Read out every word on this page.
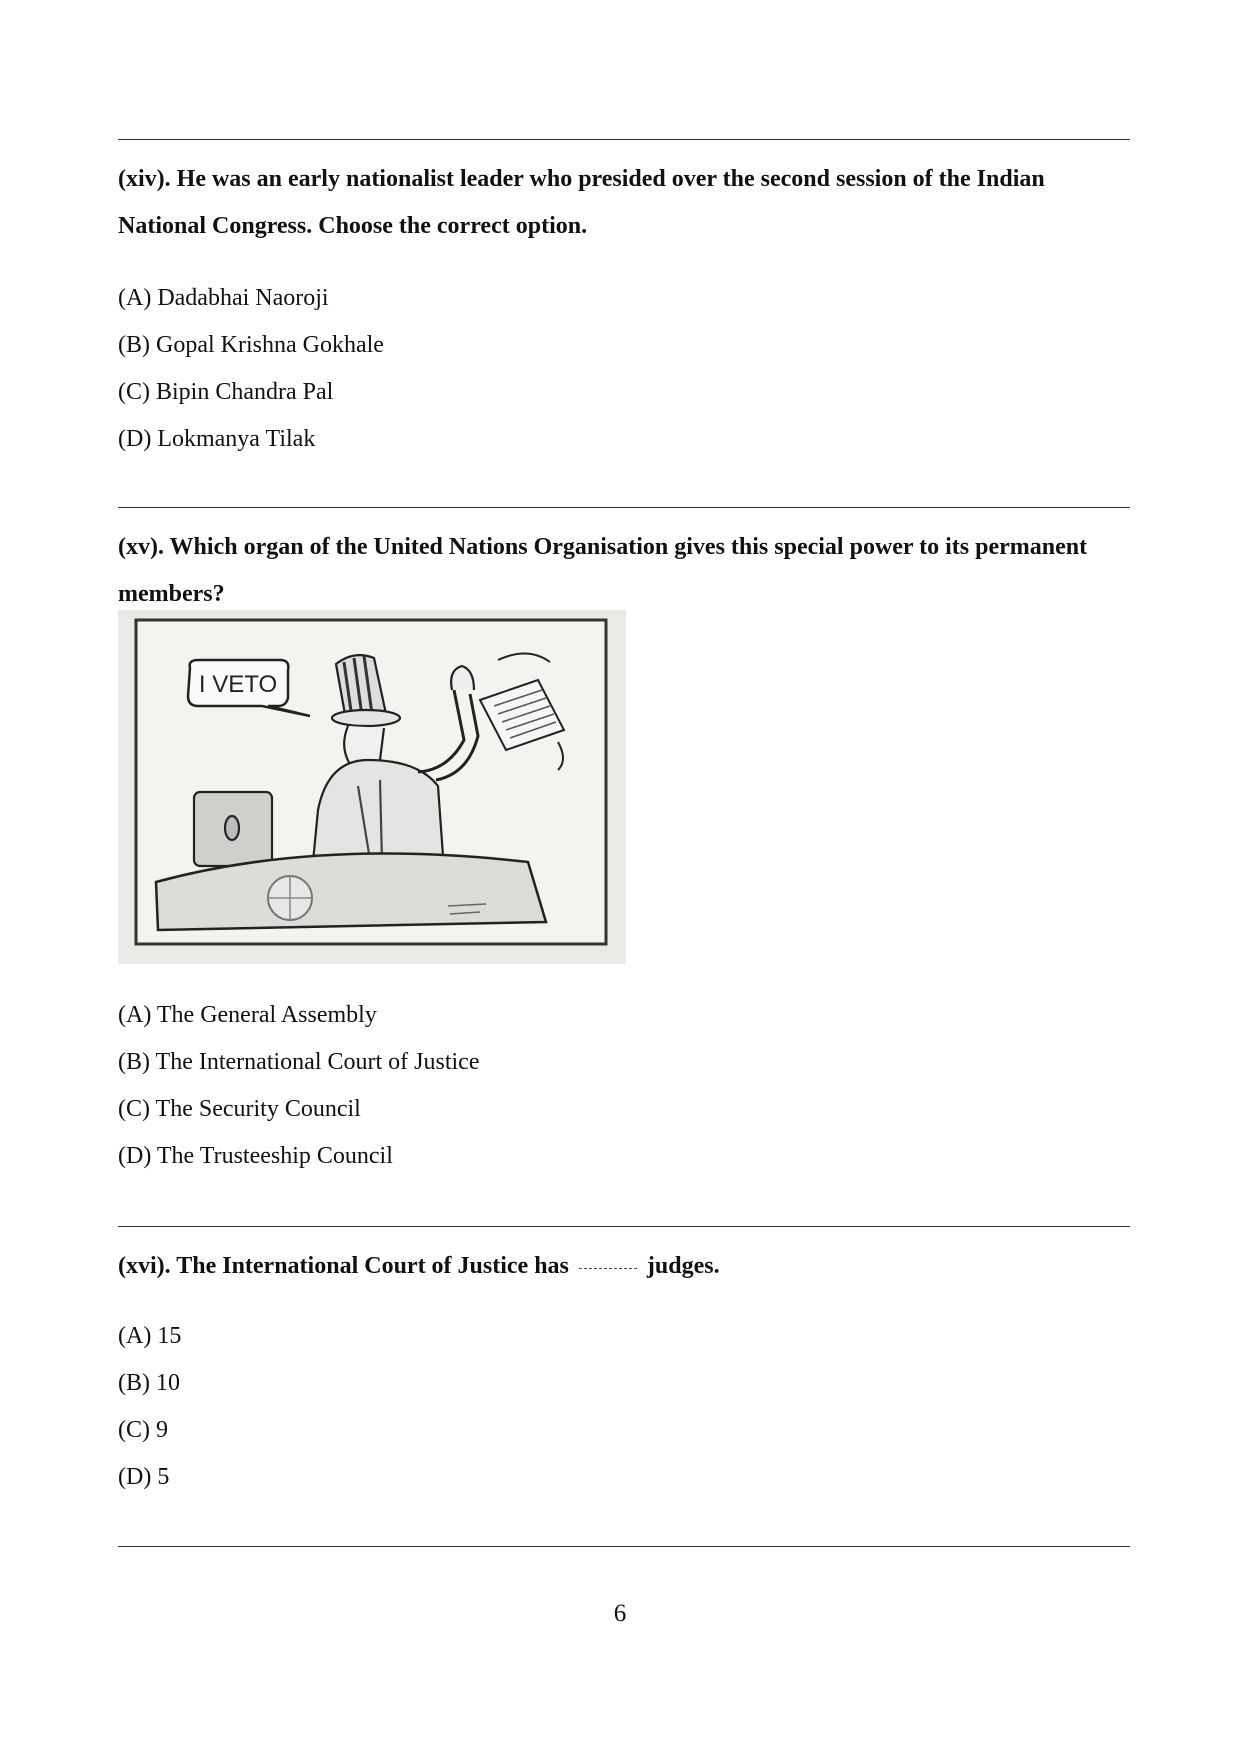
(xiv). He was an early nationalist leader who presided over the second session of the Indian National Congress. Choose the correct option.
(A) Dadabhai Naoroji
(B) Gopal Krishna Gokhale
(C) Bipin Chandra Pal
(D) Lokmanya Tilak
(xv). Which organ of the United Nations Organisation gives this special power to its permanent members?
I VETO
(A) The General Assembly
(B) The International Court of Justice
(C) The Security Council
(D) The Trusteeship Council
(xvi). The International Court of Justice has	judges.
(A) 15
(B) 10
(C) 9
(D) 5
6
